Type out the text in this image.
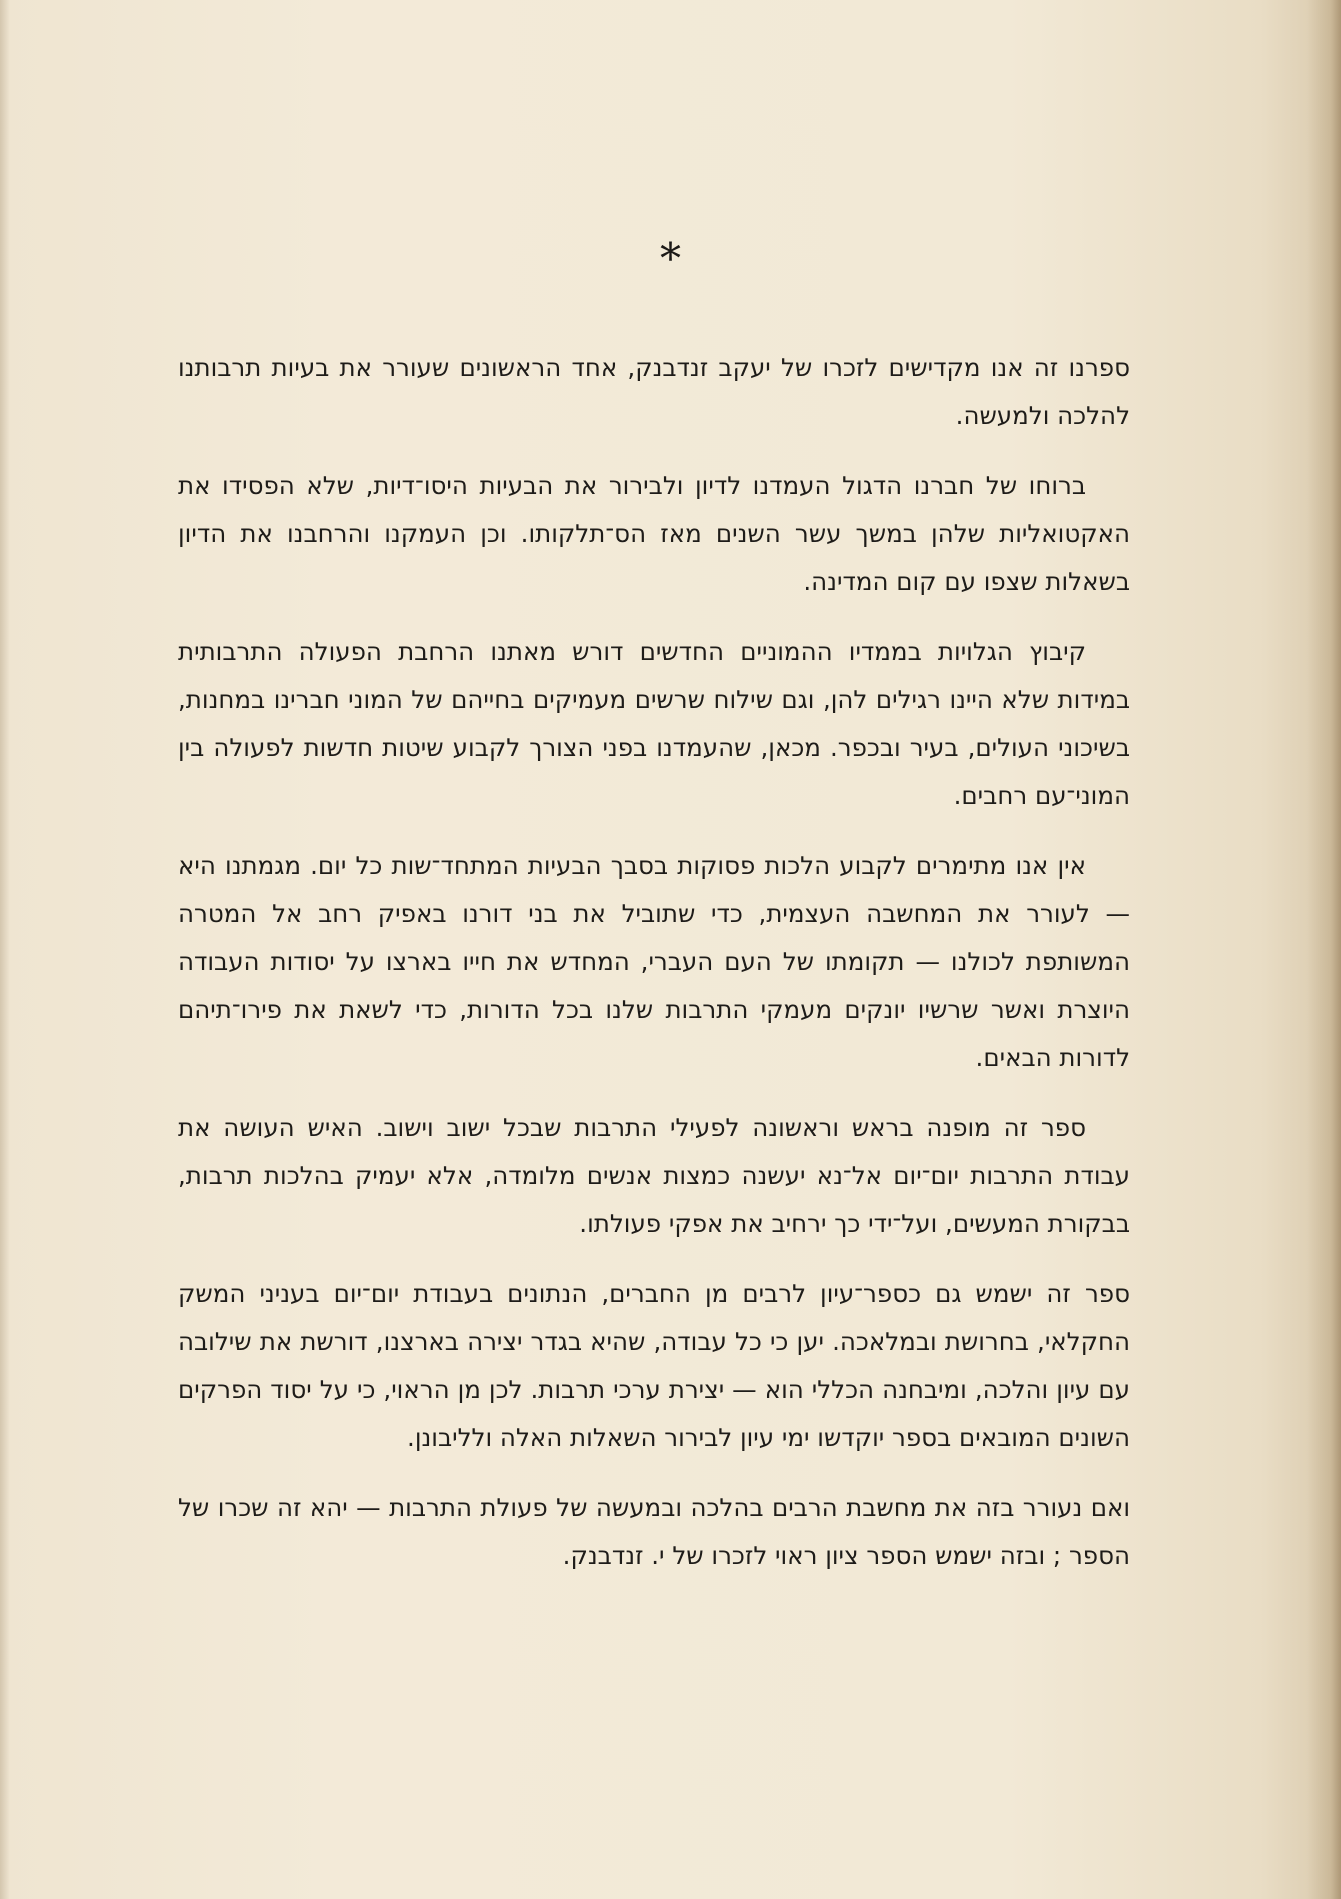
*

ספרנו זה אנו מקדישים לזכרו של יעקב זנדבנק, אחד הראשונים שעורר את בעיות תרבותנו להלכה ולמעשה.

ברוחו של חברנו הדגול העמדנו לדיון ולבירור את הבעיות היסו־דיות, שלא הפסידו את האקטואליות שלהן במשך עשר השנים מאז הס־תלקותו. וכן העמקנו והרחבנו את הדיון בשאלות שצפו עם קום המדינה.

קיבוץ הגלויות בממדיו ההמוניים החדשים דורש מאתנו הרחבת הפעולה התרבותית במידות שלא היינו רגילים להן, וגם שילוח שרשים מעמיקים בחייהם של המוני חברינו במחנות, בשיכוני העולים, בעיר ובכפר. מכאן, שהעמדנו בפני הצורך לקבוע שיטות חדשות לפעולה בין המוני־עם רחבים.

אין אנו מתימרים לקבוע הלכות פסוקות בסבך הבעיות המתחד־שות כל יום. מגמתנו היא — לעורר את המחשבה העצמית, כדי שתוביל את בני דורנו באפיק רחב אל המטרה המשותפת לכולנו — תקומתו של העם העברי, המחדש את חייו בארצו על יסודות העבודה היוצרת ואשר שרשיו יונקים מעמקי התרבות שלנו בכל הדורות, כדי לשאת את פירו־תיהם לדורות הבאים.

ספר זה מופנה בראש וראשונה לפעילי התרבות שבכל ישוב וישוב. האיש העושה את עבודת התרבות יום־יום אל־נא יעשנה כמצות אנשים מלומדה, אלא יעמיק בהלכות תרבות, בבקורת המעשים, ועל־ידי כך ירחיב את אפקי פעולתו.

ספר זה ישמש גם כספר־עיון לרבים מן החברים, הנתונים בעבודת יום־יום בעניני המשק החקלאי, בחרושת ובמלאכה. יען כי כל עבודה, שהיא בגדר יצירה בארצנו, דורשת את שילובה עם עיון והלכה, ומיבחנה הכללי הוא — יצירת ערכי תרבות. לכן מן הראוי, כי על יסוד הפרקים השונים המובאים בספר יוקדשו ימי עיון לבירור השאלות האלה ולליבונן.

ואם נעורר בזה את מחשבת הרבים בהלכה ובמעשה של פעולת התרבות — יהא זה שכרו של הספר ; ובזה ישמש הספר ציון ראוי לזכרו של י. זנדבנק.
